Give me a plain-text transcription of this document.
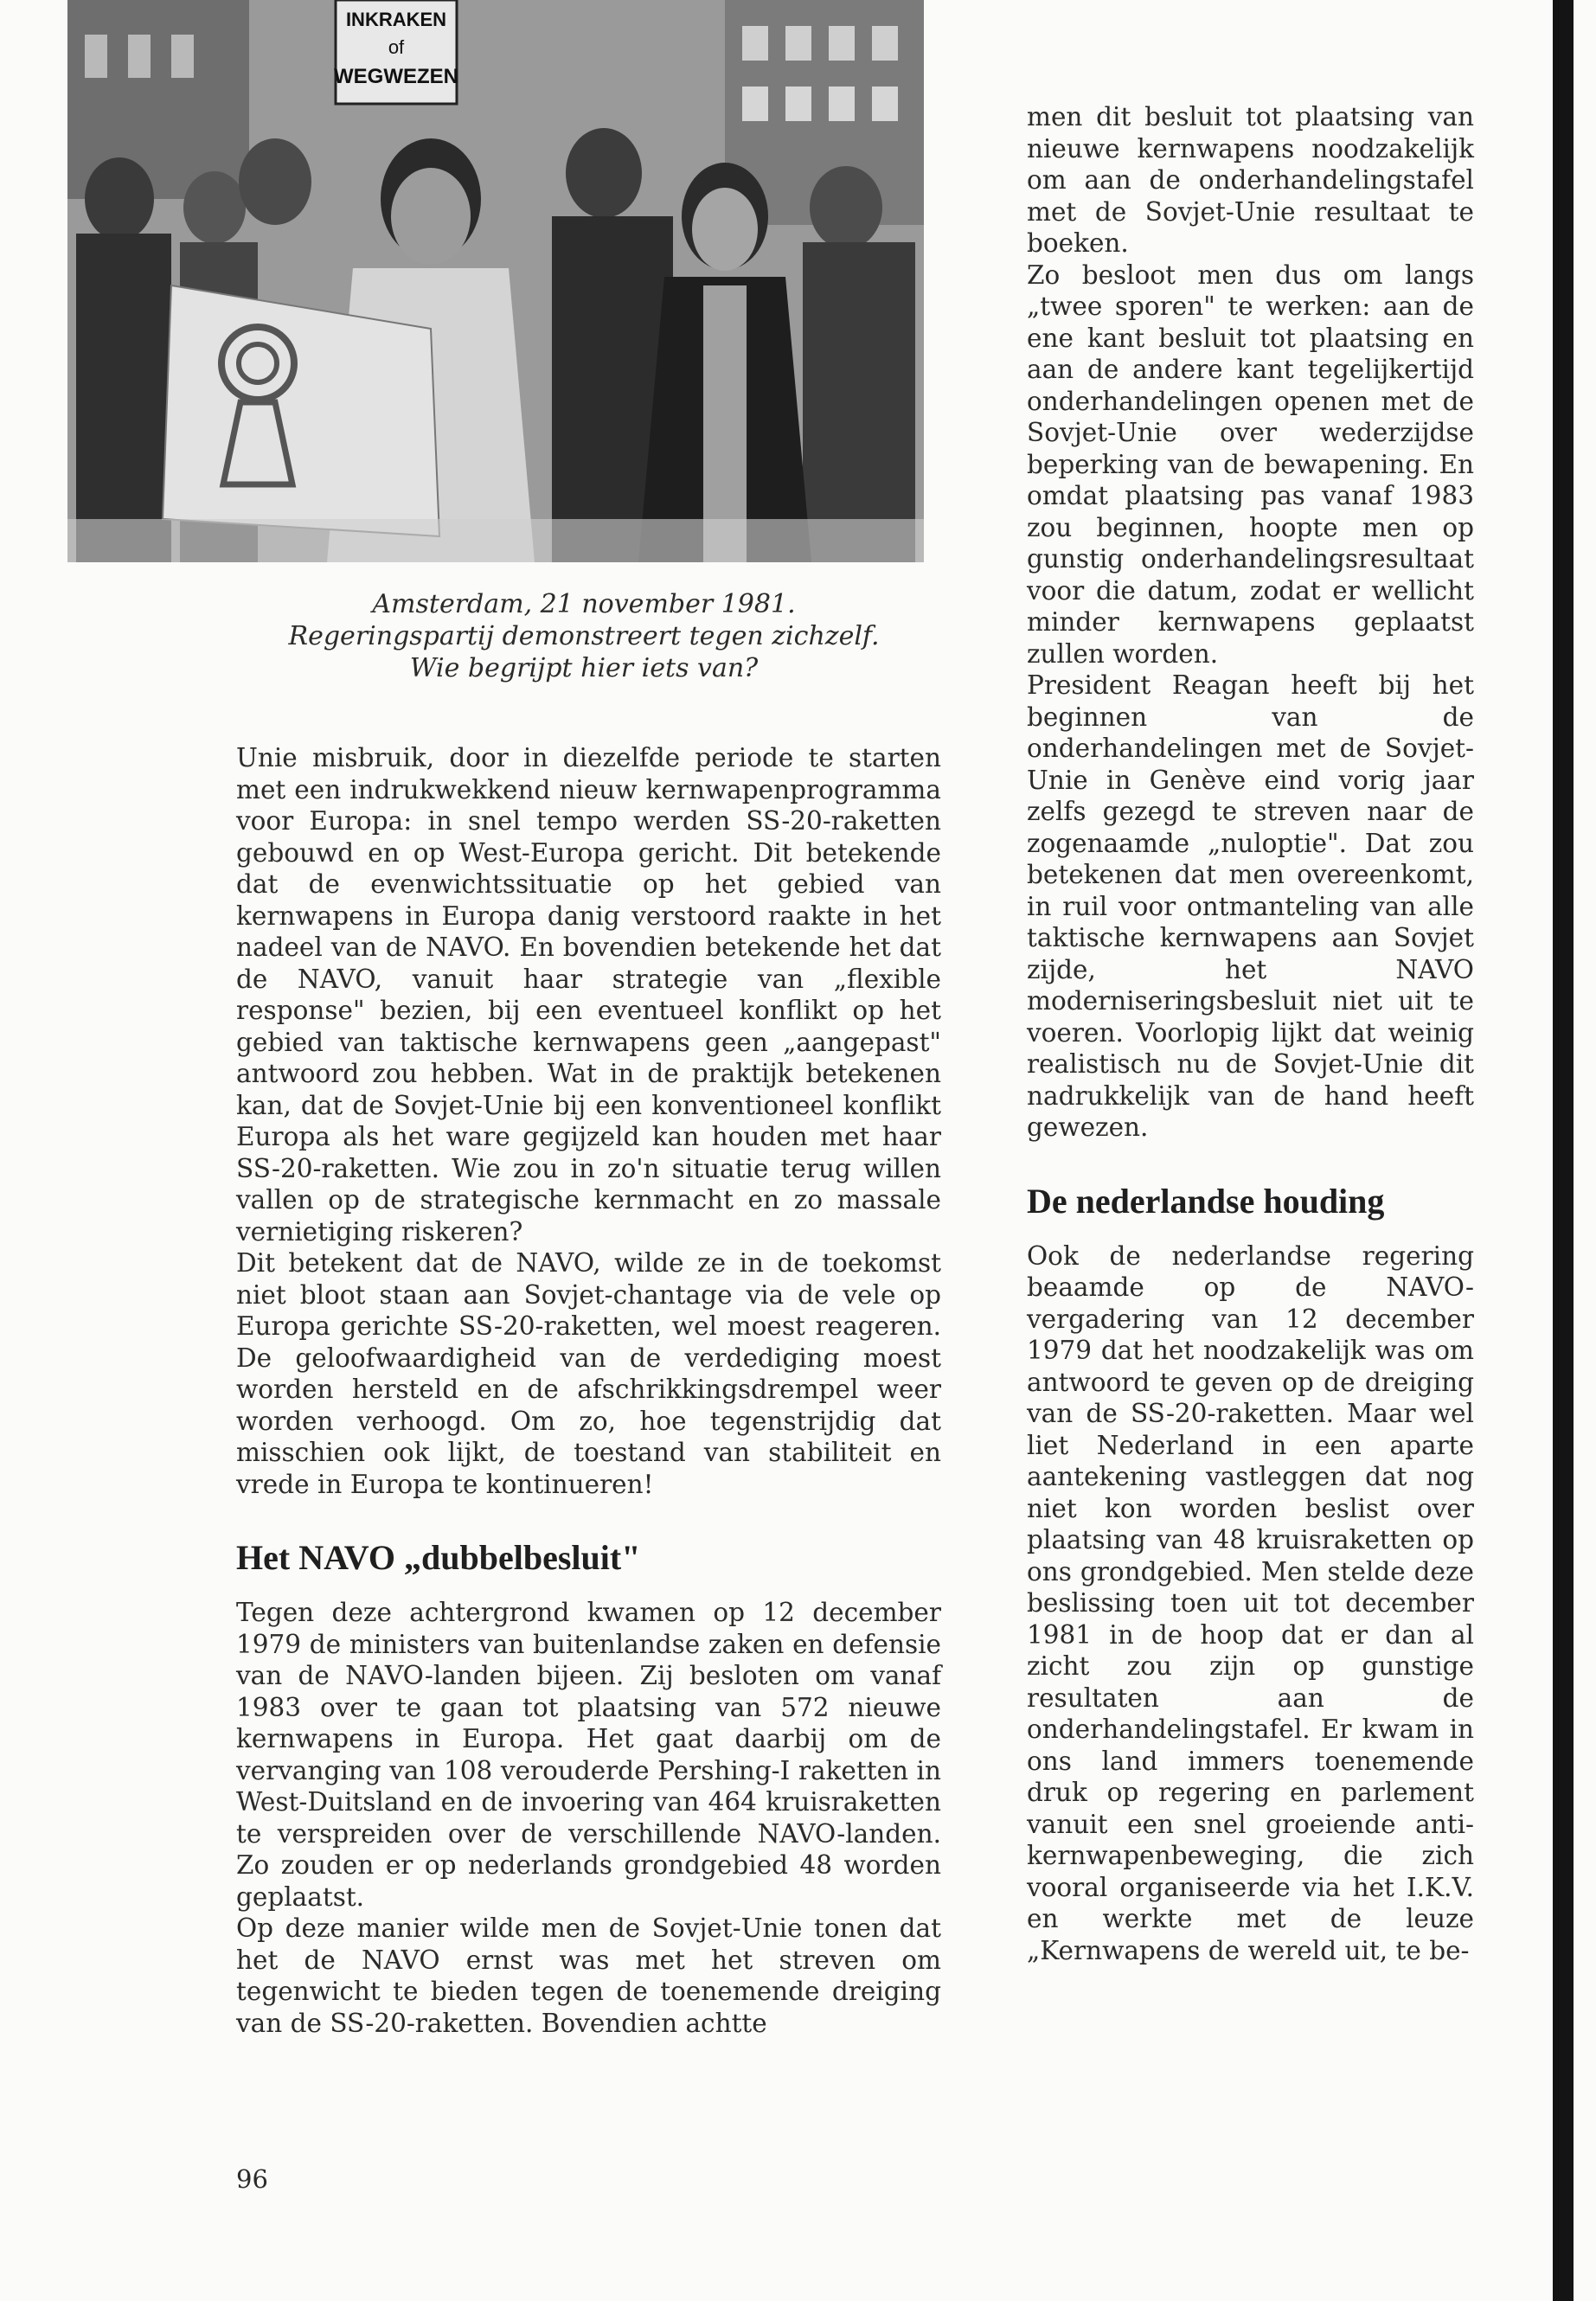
INKRAKEN
of
WEGWEZEN
Amsterdam, 21 november 1981.
Regeringspartij demonstreert tegen zichzelf.
Wie begrijpt hier iets van?

Unie misbruik, door in diezelfde periode te starten met een indrukwekkend nieuw kernwapenprogramma voor Europa: in snel tempo werden SS-20-raketten gebouwd en op West-Europa gericht. Dit betekende dat de evenwichtssituatie op het gebied van kernwapens in Europa danig verstoord raakte in het nadeel van de NAVO. En bovendien betekende het dat de NAVO, vanuit haar strategie van „flexible response" bezien, bij een eventueel konflikt op het gebied van taktische kernwapens geen „aangepast" antwoord zou hebben. Wat in de praktijk betekenen kan, dat de Sovjet-Unie bij een konventioneel konflikt Europa als het ware gegijzeld kan houden met haar SS-20-raketten. Wie zou in zo'n situatie terug willen vallen op de strategische kernmacht en zo massale vernietiging riskeren?

Dit betekent dat de NAVO, wilde ze in de toekomst niet bloot staan aan Sovjet-chantage via de vele op Europa gerichte SS-20-raketten, wel moest reageren. De geloofwaardigheid van de verdediging moest worden hersteld en de afschrikkingsdrempel weer worden verhoogd. Om zo, hoe tegenstrijdig dat misschien ook lijkt, de toestand van stabiliteit en vrede in Europa te kontinueren!

Het NAVO „dubbelbesluit"

Tegen deze achtergrond kwamen op 12 december 1979 de ministers van buitenlandse zaken en defensie van de NAVO-landen bijeen. Zij besloten om vanaf 1983 over te gaan tot plaatsing van 572 nieuwe kernwapens in Europa. Het gaat daarbij om de vervanging van 108 verouderde Pershing-I raketten in West-Duitsland en de invoering van 464 kruisraketten te verspreiden over de verschillende NAVO-landen. Zo zouden er op nederlands grondgebied 48 worden geplaatst.

Op deze manier wilde men de Sovjet-Unie tonen dat het de NAVO ernst was met het streven om tegenwicht te bieden tegen de toenemende dreiging van de SS-20-raketten. Bovendien achtte

men dit besluit tot plaatsing van nieuwe kernwapens noodzakelijk om aan de onderhandelingstafel met de Sovjet-Unie resultaat te boeken.

Zo besloot men dus om langs „twee sporen" te werken: aan de ene kant besluit tot plaatsing en aan de andere kant tegelijkertijd onderhandelingen openen met de Sovjet-Unie over wederzijdse beperking van de bewapening. En omdat plaatsing pas vanaf 1983 zou beginnen, hoopte men op gunstig onderhandelingsresultaat voor die datum, zodat er wellicht minder kernwapens geplaatst zullen worden.

President Reagan heeft bij het beginnen van de onderhandelingen met de Sovjet-Unie in Genève eind vorig jaar zelfs gezegd te streven naar de zogenaamde „nuloptie". Dat zou betekenen dat men overeenkomt, in ruil voor ontmanteling van alle taktische kernwapens aan Sovjet zijde, het NAVO moderniseringsbesluit niet uit te voeren. Voorlopig lijkt dat weinig realistisch nu de Sovjet-Unie dit nadrukkelijk van de hand heeft gewezen.

De nederlandse houding

Ook de nederlandse regering beaamde op de NAVO-vergadering van 12 december 1979 dat het noodzakelijk was om antwoord te geven op de dreiging van de SS-20-raketten. Maar wel liet Nederland in een aparte aantekening vastleggen dat nog niet kon worden beslist over plaatsing van 48 kruisraketten op ons grondgebied. Men stelde deze beslissing toen uit tot december 1981 in de hoop dat er dan al zicht zou zijn op gunstige resultaten aan de onderhandelingstafel. Er kwam in ons land immers toenemende druk op regering en parlement vanuit een snel groeiende anti-kernwapenbeweging, die zich vooral organiseerde via het I.K.V. en werkte met de leuze „Kernwapens de wereld uit, te be-

96
